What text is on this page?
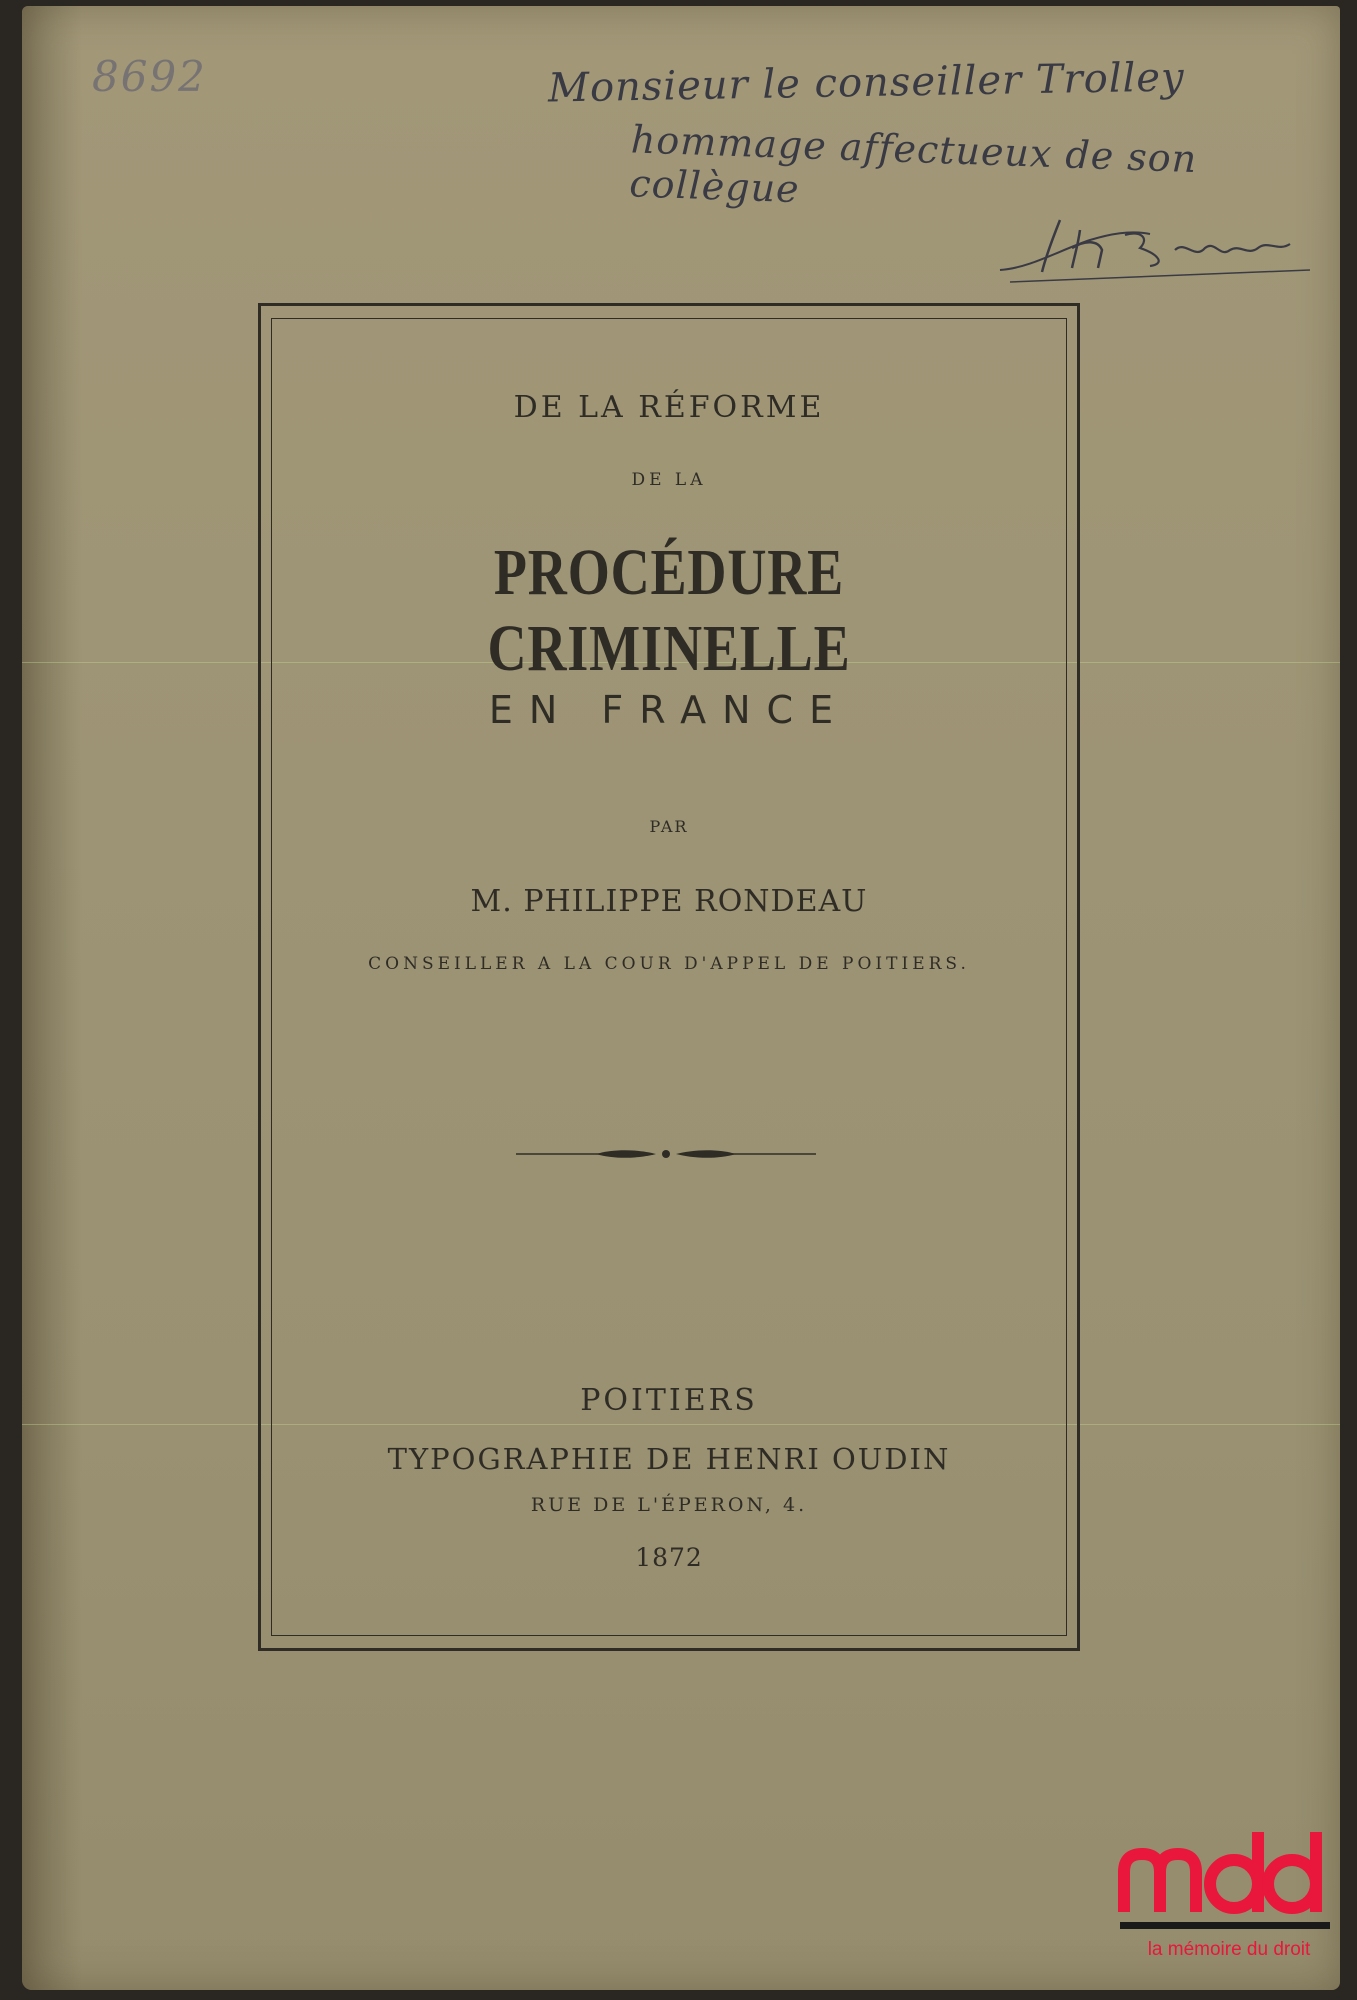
8692	Monsieur le conseiller Trolley
hommage affectueux de son collègue

DE LA RÉFORME

DE LA

PROCÉDURE CRIMINELLE

EN FRANCE

PAR

M. PHILIPPE RONDEAU

CONSEILLER A LA COUR D'APPEL DE POITIERS.

POITIERS

TYPOGRAPHIE DE HENRI OUDIN

RUE DE L'ÉPERON, 4.

1872

la mémoire du droit
